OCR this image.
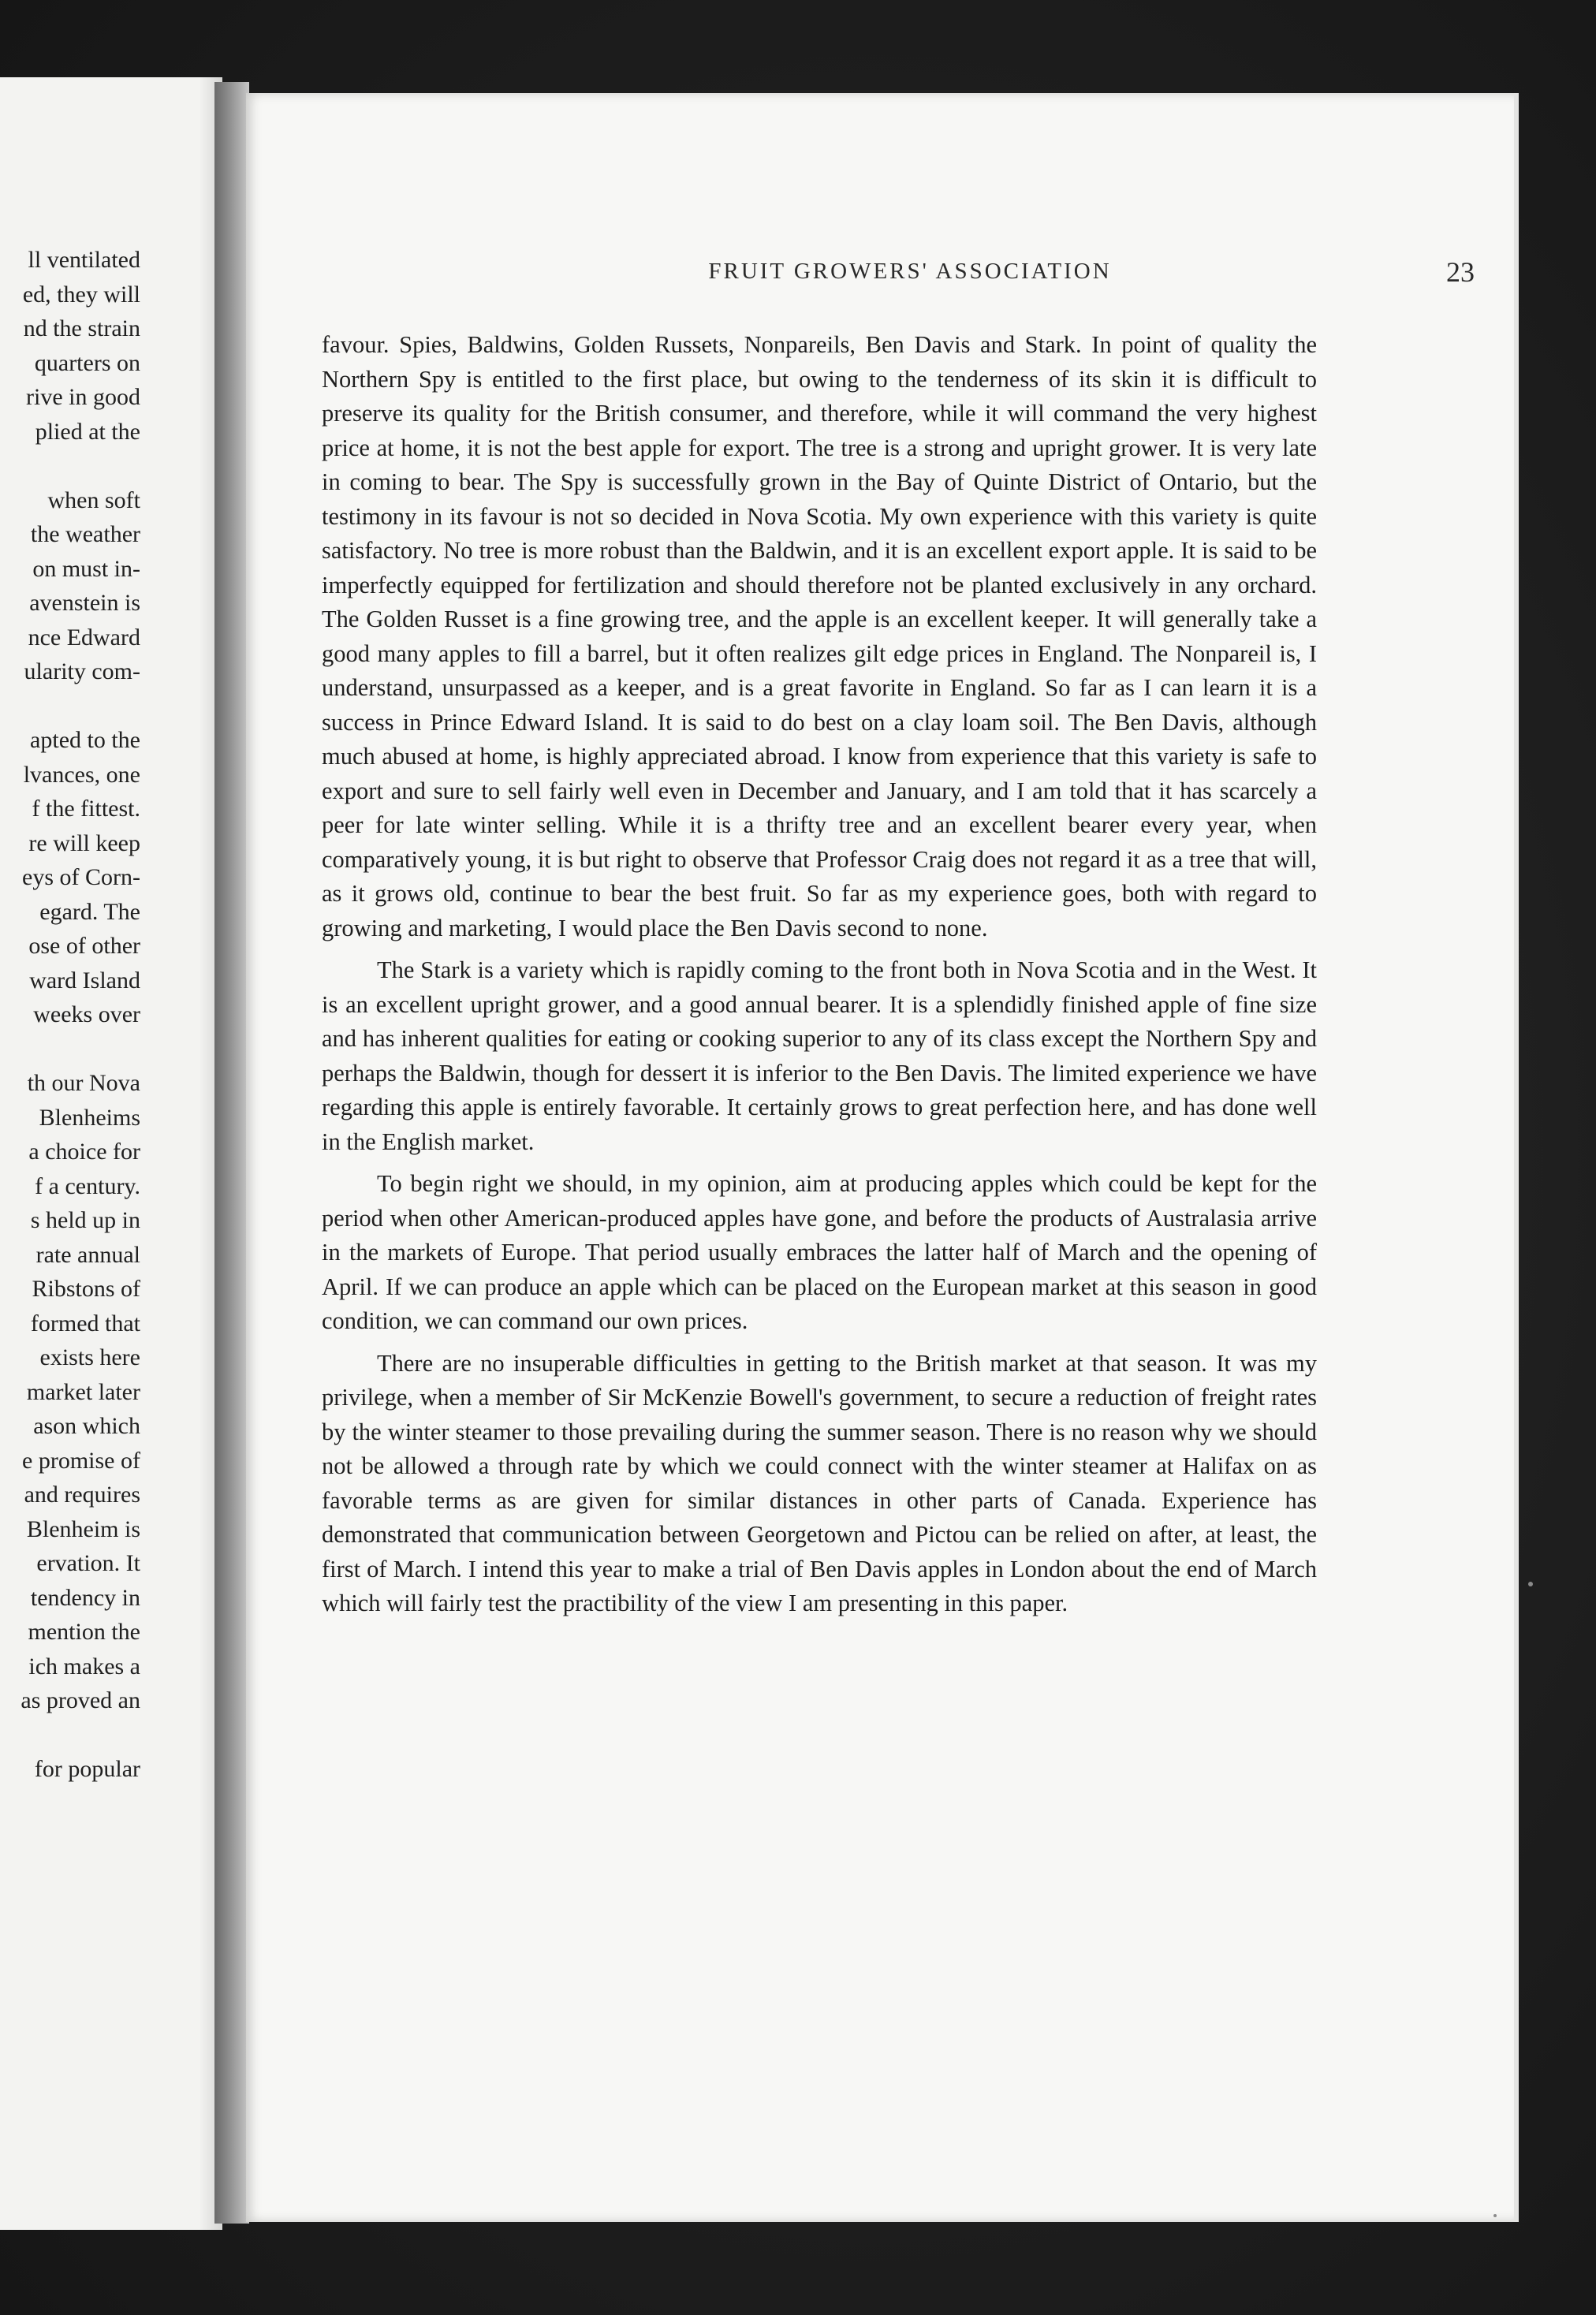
ll ventilated
ed, they will
nd the strain
quarters on
rive in good
plied at the
when soft
the weather
on must in-
avenstein is
nce Edward
ularity com-
apted to the
lvances, one
f the fittest.
re will keep
eys of Corn-
egard. The
ose of other
ward Island
weeks over
th our Nova
Blenheims
a choice for
f a century.
s held up in
rate annual
Ribstons of
formed that
exists here
market later
ason which
e promise of
and requires
Blenheim is
ervation. It
tendency in
mention the
ich makes a
as proved an
for popular
FRUIT GROWERS' ASSOCIATION	23

favour. Spies, Baldwins, Golden Russets, Nonpareils, Ben Davis and Stark. In point of quality the Northern Spy is entitled to the first place, but owing to the tenderness of its skin it is difficult to preserve its quality for the British consumer, and therefore, while it will command the very highest price at home, it is not the best apple for export. The tree is a strong and upright grower. It is very late in coming to bear. The Spy is successfully grown in the Bay of Quinte District of Ontario, but the testimony in its favour is not so decided in Nova Scotia. My own experience with this variety is quite satisfactory. No tree is more robust than the Baldwin, and it is an excellent export apple. It is said to be imperfectly equipped for fertilization and should therefore not be planted exclusively in any orchard. The Golden Russet is a fine growing tree, and the apple is an excellent keeper. It will generally take a good many apples to fill a barrel, but it often realizes gilt edge prices in England. The Nonpareil is, I understand, unsurpassed as a keeper, and is a great favorite in England. So far as I can learn it is a success in Prince Edward Island. It is said to do best on a clay loam soil. The Ben Davis, although much abused at home, is highly appreciated abroad. I know from experience that this variety is safe to export and sure to sell fairly well even in December and January, and I am told that it has scarcely a peer for late winter selling. While it is a thrifty tree and an excellent bearer every year, when comparatively young, it is but right to observe that Professor Craig does not regard it as a tree that will, as it grows old, continue to bear the best fruit. So far as my experience goes, both with regard to growing and marketing, I would place the Ben Davis second to none.

The Stark is a variety which is rapidly coming to the front both in Nova Scotia and in the West. It is an excellent upright grower, and a good annual bearer. It is a splendidly finished apple of fine size and has inherent qualities for eating or cooking superior to any of its class except the Northern Spy and perhaps the Baldwin, though for dessert it is inferior to the Ben Davis. The limited experience we have regarding this apple is entirely favorable. It certainly grows to great perfection here, and has done well in the English market.

To begin right we should, in my opinion, aim at producing apples which could be kept for the period when other American-produced apples have gone, and before the products of Australasia arrive in the markets of Europe. That period usually embraces the latter half of March and the opening of April. If we can produce an apple which can be placed on the European market at this season in good condition, we can command our own prices.

There are no insuperable difficulties in getting to the British market at that season. It was my privilege, when a member of Sir McKenzie Bowell's government, to secure a reduction of freight rates by the winter steamer to those prevailing during the summer season. There is no reason why we should not be allowed a through rate by which we could connect with the winter steamer at Halifax on as favorable terms as are given for similar distances in other parts of Canada. Experience has demonstrated that communication between Georgetown and Pictou can be relied on after, at least, the first of March. I intend this year to make a trial of Ben Davis apples in London about the end of March which will fairly test the practibility of the view I am presenting in this paper.
